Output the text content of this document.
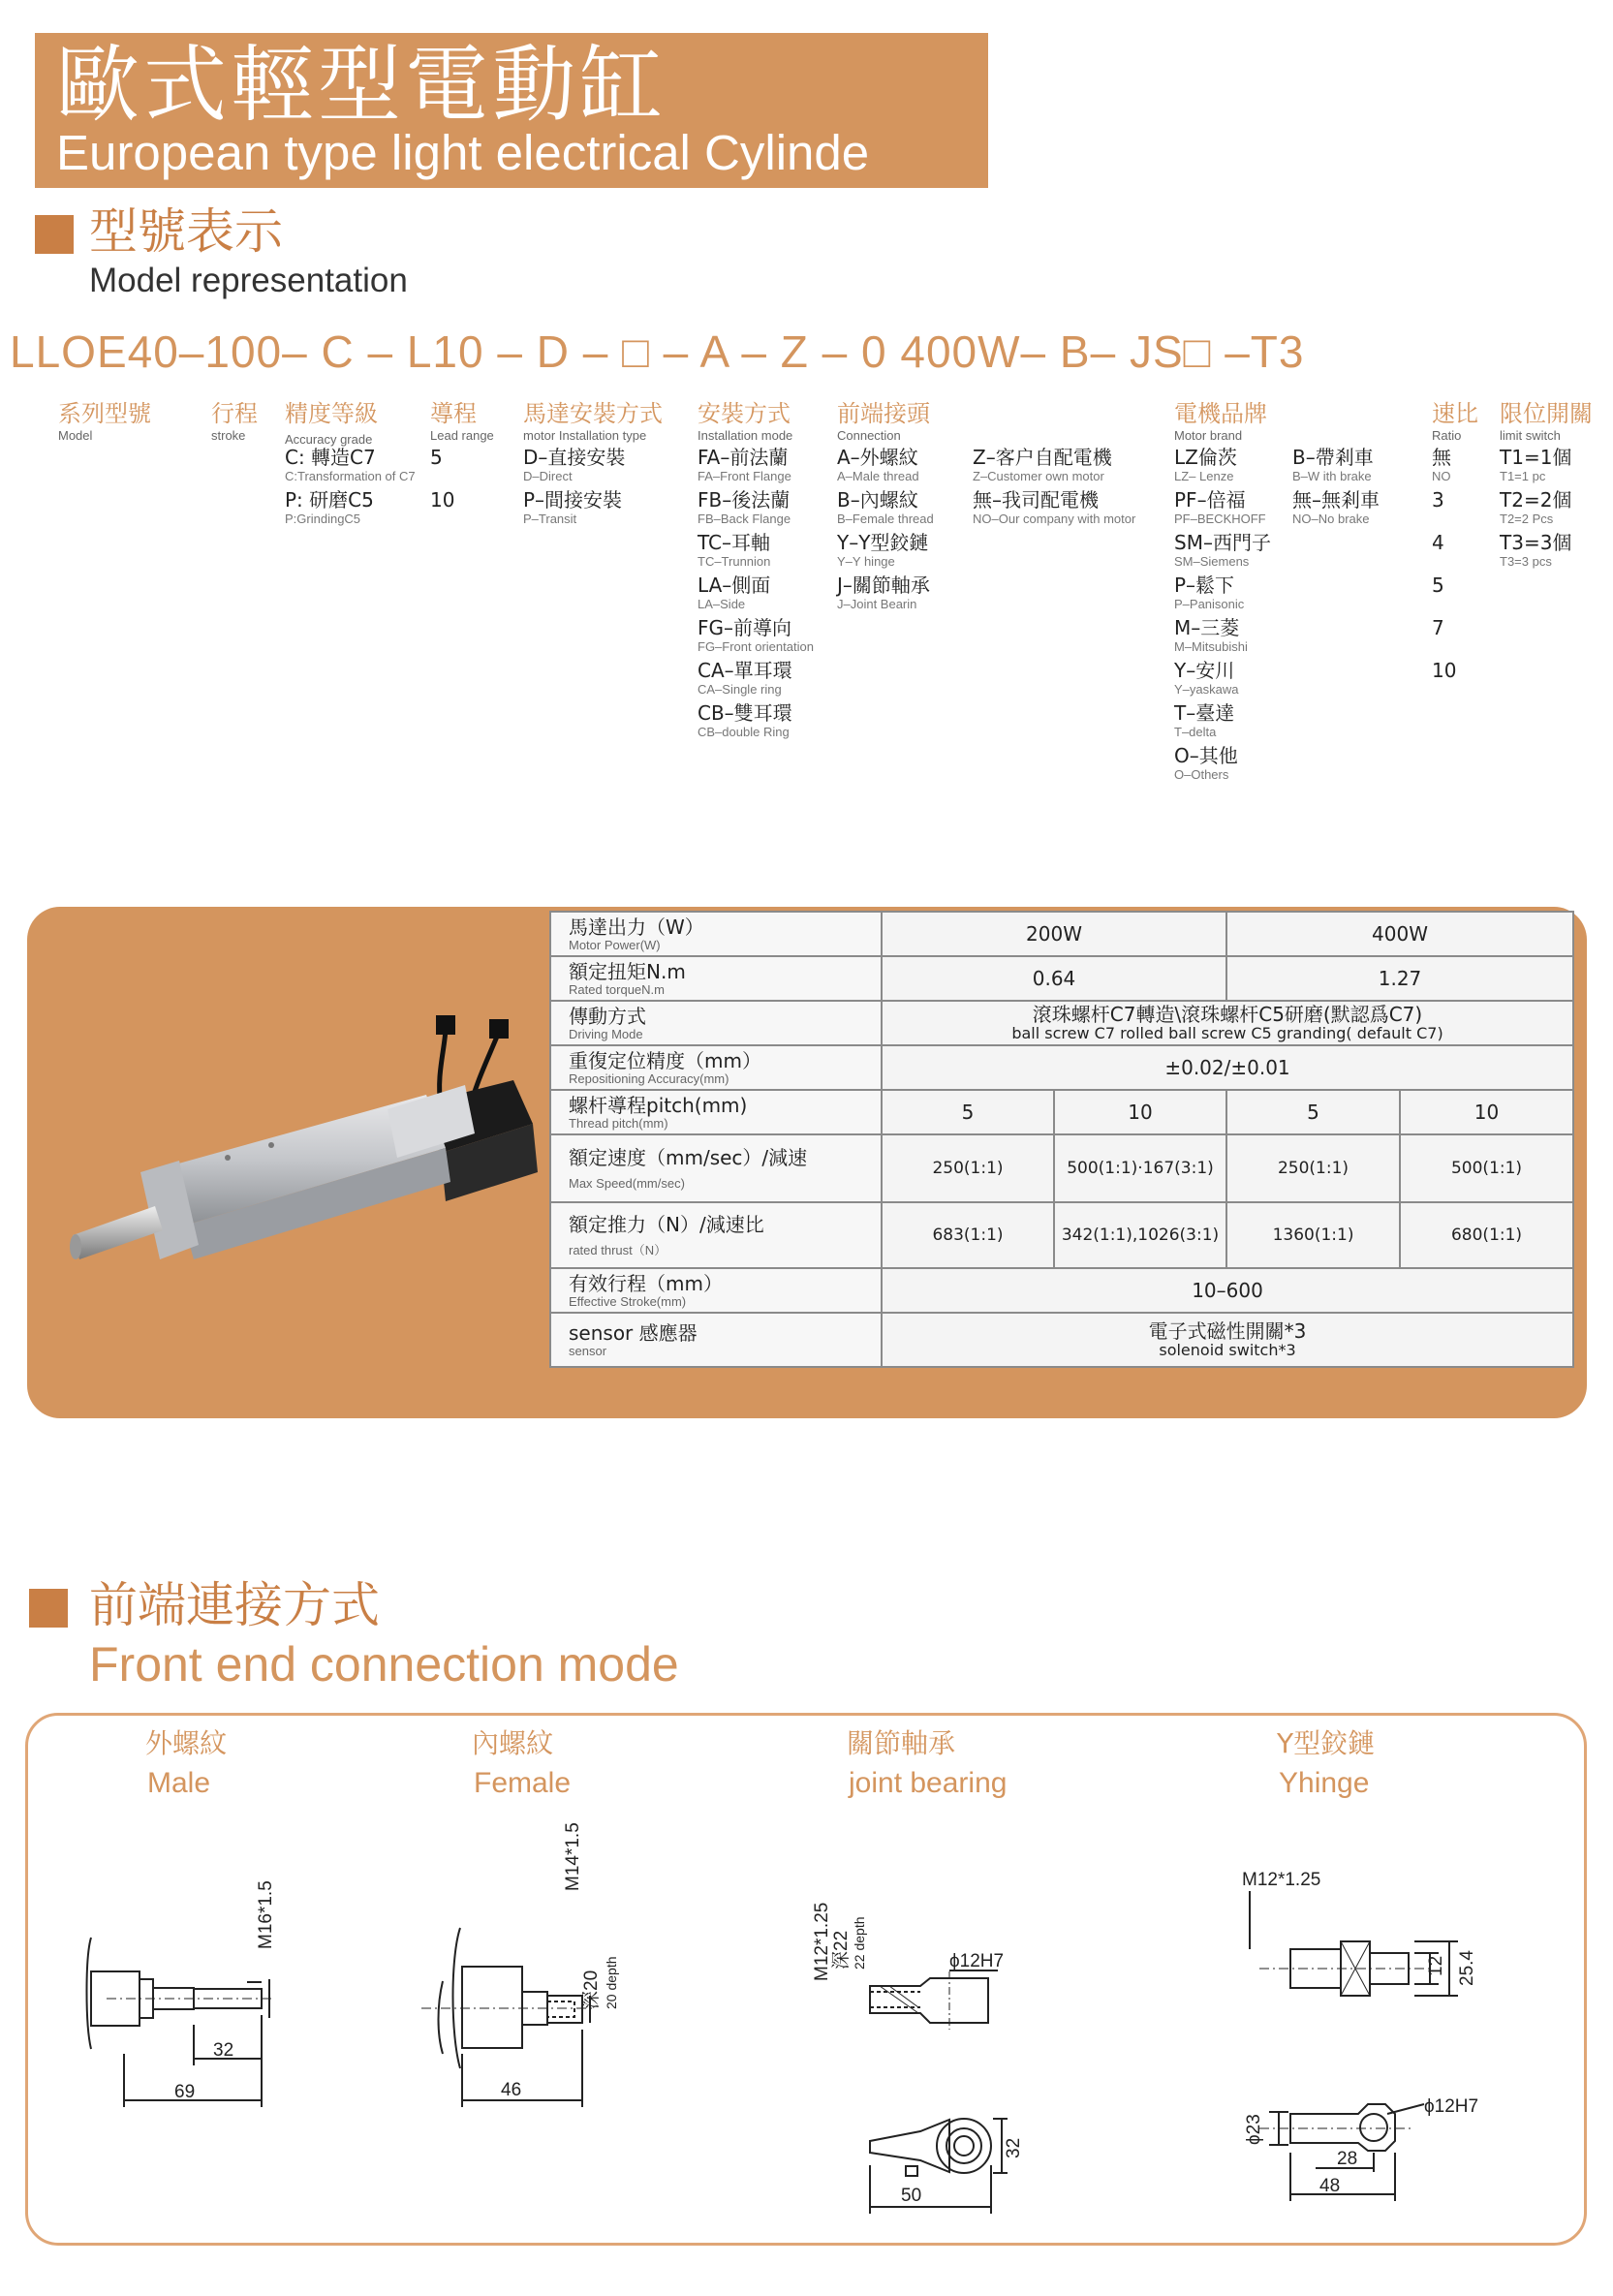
歐式輕型電動缸
European type light electrical Cylinde
型號表示
Model representation
LLOE40–100– C – L10 – D – □ – A – Z – 0 400W– B– JS□ –T3
系列型號
Model
行程
stroke
精度等級
Accuracy grade
C: 轉造C7
C:Transformation of C7
P: 研磨C5
P:GrindingC5
導程
Lead range
5
10
馬達安裝方式
motor Installation type
D–直接安裝
D–Direct
P–間接安裝
P–Transit
安裝方式
Installation mode
FA–前法蘭
FA–Front Flange
FB–後法蘭
FB–Back Flange
TC–耳軸
TC–Trunnion
LA–側面
LA–Side
FG–前導向
FG–Front orientation
CA–單耳環
CA–Single ring
CB–雙耳環
CB–double Ring
前端接頭
Connection
A–外螺紋
A–Male thread
B–內螺紋
B–Female thread
Y–Y型鉸鏈
Y–Y hinge
J–關節軸承
J–Joint Bearin
Z–客户自配電機
Z–Customer own motor
無–我司配電機
NO–Our company with motor
電機品牌
Motor brand
LZ倫茨
LZ– Lenze
PF–倍福
PF–BECKHOFF
SM–西門子
SM–Siemens
P–鬆下
P–Panisonic
M–三菱
M–Mitsubishi
Y–安川
Y–yaskawa
T–臺達
T–delta
O–其他
O–Others
B–帶剎車
B–W ith brake
無–無剎車
NO–No brake
速比
Ratio
無
NO
3
4
5
7
10
限位開關
limit switch
T1=1個
T1=1 pc
T2=2個
T2=2 Pcs
T3=3個
T3=3 pcs
馬達出力（W）
Motor Power(W)	200W		400W	

額定扭矩N.m
Rated torqueN.m	0.64		1.27	

傳動方式
Driving Mode	滾珠螺杆C7轉造\滾珠螺杆C5研磨(默認爲C7)
ball screw C7 rolled ball screw C5 granding( default C7)			

重復定位精度（mm）
Repositioning Accuracy(mm)	±0.02/±0.01			

螺杆導程pitch(mm)
Thread pitch(mm)	5	10	5	10

額定速度（mm/sec）/減速
Max Speed(mm/sec)	250(1:1)	500(1:1)·167(3:1)	250(1:1)	500(1:1)

額定推力（N）/減速比
rated thrust（N）	683(1:1)	342(1:1),1026(3:1)	1360(1:1)	680(1:1)

有效行程（mm）
Effective Stroke(mm)	10–600			

sensor 感應器
sensor	電子式磁性開關*3
solenoid switch*3			
前端連接方式
Front end connection mode
外螺紋
Male
內螺紋
Female
關節軸承
joint bearing
Y型鉸鏈
Yhinge
32
69
M16*1.5
46
M14*1.5
深20 20 depth
M12*1.25 深22 22 depth	ϕ12H7
32
50
M12*1.25
12 25.4
ϕ23
ϕ12H7
28
48
